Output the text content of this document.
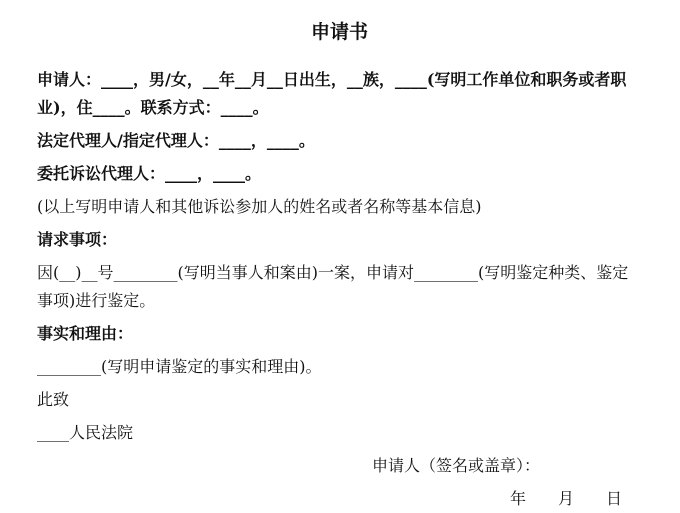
申请书

申请人：____，男/女，__年__月__日出生，__族，____(写明工作单位和职务或者职业)，住____。联系方式：____。

法定代理人/指定代理人：____，____。

委托诉讼代理人：____，____。

(以上写明申请人和其他诉讼参加人的姓名或者名称等基本信息)

请求事项：

因(__)__号________(写明当事人和案由)一案，申请对________(写明鉴定种类、鉴定事项)进行鉴定。

事实和理由：

________(写明申请鉴定的事实和理由)。

此致

____人民法院

申请人（签名或盖章）：

年　　月　　日
